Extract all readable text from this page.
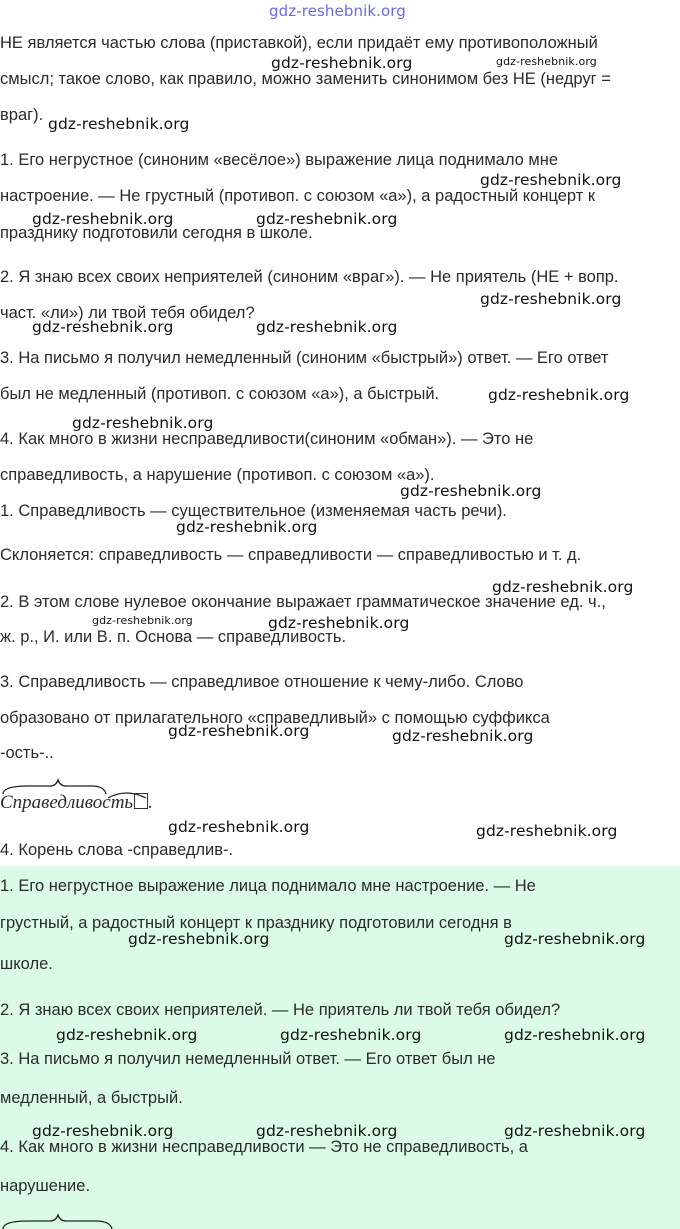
gdz-reshebnik.org

НЕ является частью слова (приставкой), если придаёт ему противоположный

смысл; такое слово, как правило, можно заменить синонимом без НЕ (недруг =

враг).

1. Его негрустное (синоним «весёлое») выражение лица поднимало мне

настроение. — Не грустный (противоп. с союзом «а»), а радостный концерт к

празднику подготовили сегодня в школе.

2. Я знаю всех своих неприятелей (синоним «враг»). — Не приятель (НЕ + вопр.

част. «ли») ли твой тебя обидел?

3. На письмо я получил немедленный (синоним «быстрый») ответ. — Его ответ

был не медленный (противоп. с союзом «а»), а быстрый.

4. Как много в жизни несправедливости(синоним «обман»). — Это не

справедливость, а нарушение (противоп. с союзом «а»).

1. Справедливость — существительное (изменяемая часть речи).

Склоняется: справедливость — справедливости — справедливостью и т. д.

2. В этом слове нулевое окончание выражает грамматическое значение ед. ч.,

ж. р., И. или В. п. Основа — справедливость.

3. Справедливость — справедливое отношение к чему-либо. Слово

образовано от прилагательного «справедливый» с помощью суффикса

-ость-..

Справедливость .

4. Корень слова -справедлив-.

1. Его негрустное выражение лица поднимало мне настроение. — Не

грустный, а радостный концерт к празднику подготовили сегодня в

школе.

2. Я знаю всех своих неприятелей. — Не приятель ли твой тебя обидел?

3. На письмо я получил немедленный ответ. — Его ответ был не

медленный, а быстрый.

4. Как много в жизни несправедливости — Это не справедливость, а

нарушение.

gdz-reshebnik.org	gdz-reshebnik.org
gdz-reshebnik.org
gdz-reshebnik.org
gdz-reshebnik.org	gdz-reshebnik.org
gdz-reshebnik.org
gdz-reshebnik.org	gdz-reshebnik.org
gdz-reshebnik.org
gdz-reshebnik.org
gdz-reshebnik.org
gdz-reshebnik.org
gdz-reshebnik.org
gdz-reshebnik.org	gdz-reshebnik.org
gdz-reshebnik.org	gdz-reshebnik.org
gdz-reshebnik.org	gdz-reshebnik.org
gdz-reshebnik.org	gdz-reshebnik.org
gdz-reshebnik.org	gdz-reshebnik.org	gdz-reshebnik.org
gdz-reshebnik.org	gdz-reshebnik.org	gdz-reshebnik.org
